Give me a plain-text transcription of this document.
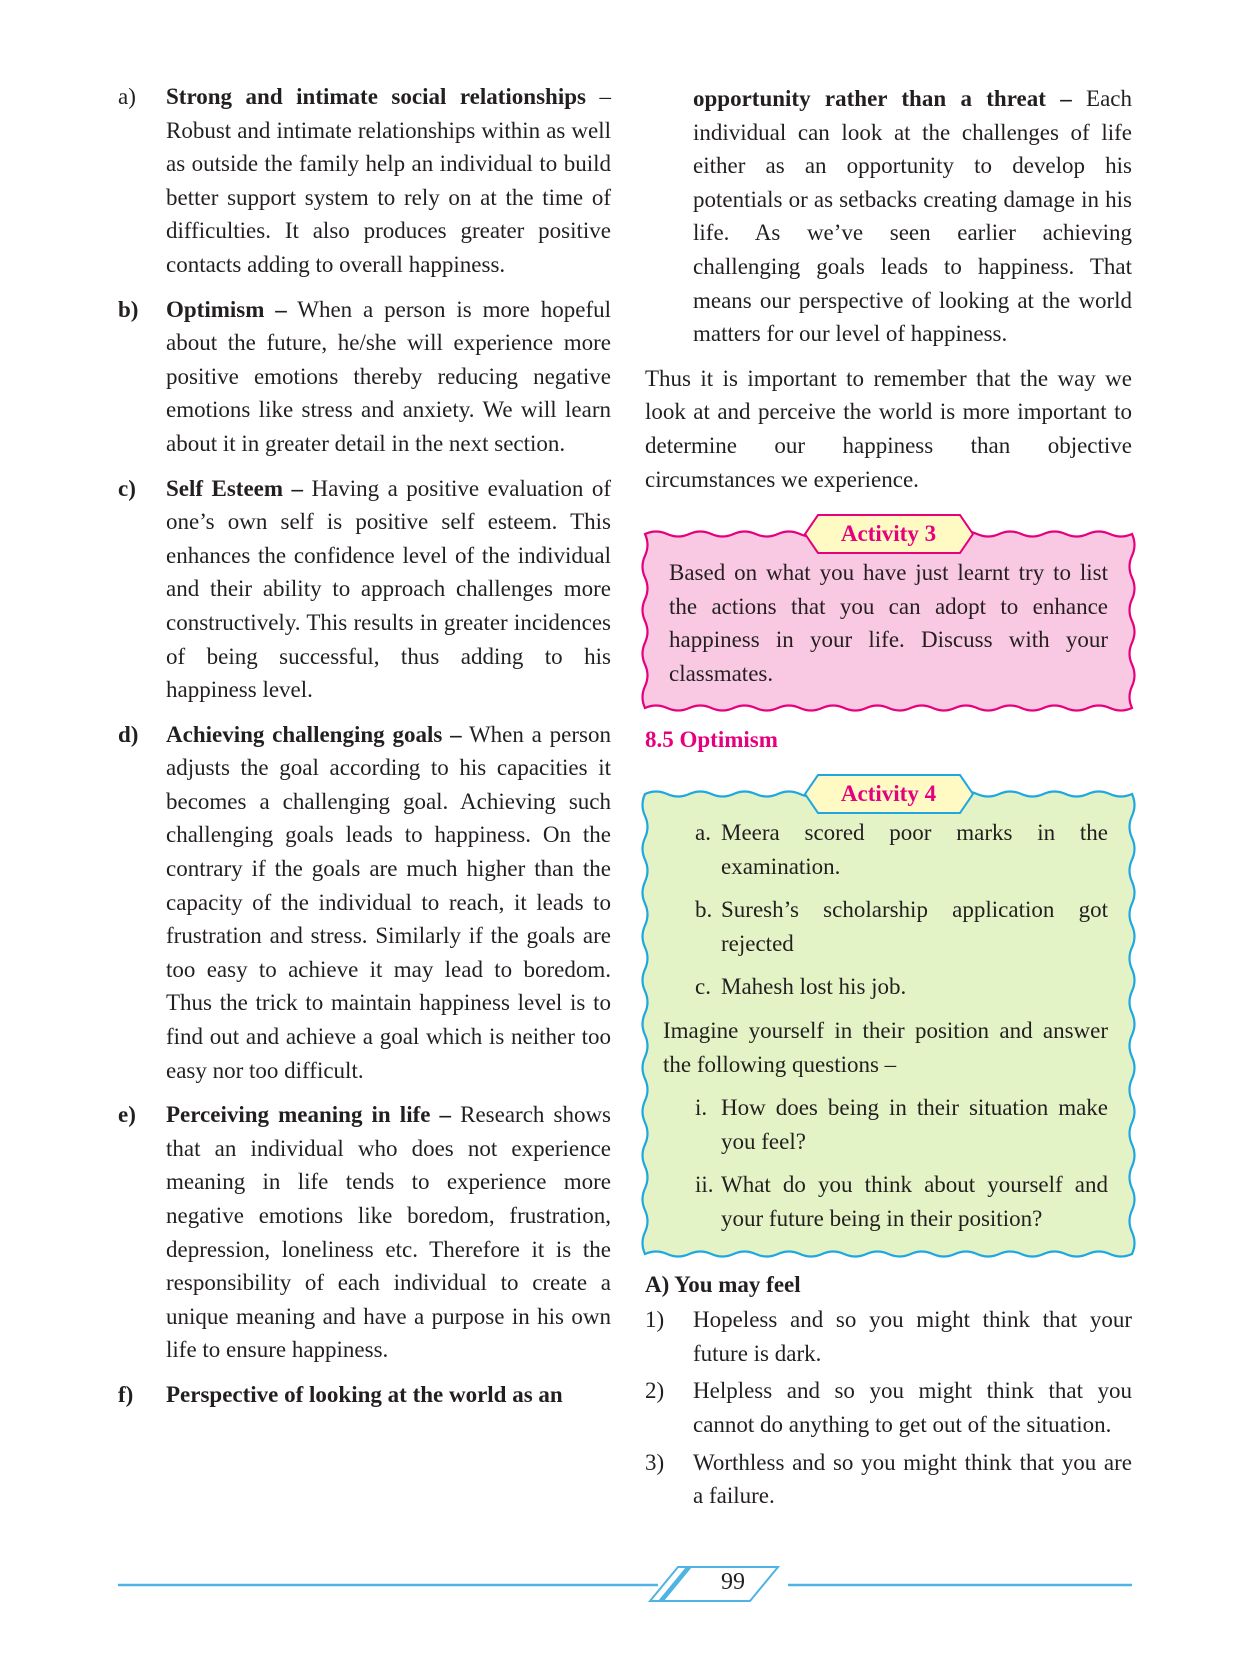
a) Strong and intimate social relationships – Robust and intimate relationships within as well as outside the family help an individual to build better support system to rely on at the time of difficulties. It also produces greater positive contacts adding to overall happiness.
b) Optimism – When a person is more hopeful about the future, he/she will experience more positive emotions thereby reducing negative emotions like stress and anxiety. We will learn about it in greater detail in the next section.
c) Self Esteem – Having a positive evaluation of one’s own self is positive self esteem. This enhances the confidence level of the individual and their ability to approach challenges more constructively. This results in greater incidences of being successful, thus adding to his happiness level.
d) Achieving challenging goals – When a person adjusts the goal according to his capacities it becomes a challenging goal. Achieving such challenging goals leads to happiness. On the contrary if the goals are much higher than the capacity of the individual to reach, it leads to frustration and stress. Similarly if the goals are too easy to achieve it may lead to boredom. Thus the trick to maintain happiness level is to find out and achieve a goal which is neither too easy nor too difficult.
e) Perceiving meaning in life – Research shows that an individual who does not experience meaning in life tends to experience more negative emotions like boredom, frustration, depression, loneliness etc. Therefore it is the responsibility of each individual to create a unique meaning and have a purpose in his own life to ensure happiness.
f) Perspective of looking at the world as an
opportunity rather than a threat – Each individual can look at the challenges of life either as an opportunity to develop his potentials or as setbacks creating damage in his life. As we’ve seen earlier achieving challenging goals leads to happiness. That means our perspective of looking at the world matters for our level of happiness.

Thus it is important to remember that the way we look at and perceive the world is more important to determine our happiness than objective circumstances we experience.

Activity 3
Based on what you have just learnt try to list the actions that you can adopt to enhance happiness in your life. Discuss with your classmates.
8.5 Optimism
Activity 4
a. Meera scored poor marks in the examination.
b. Suresh’s scholarship application got rejected
c. Mahesh lost his job.

Imagine yourself in their position and answer the following questions –

i. How does being in their situation make you feel?
ii. What do you think about yourself and your future being in their position?
A) You may feel
1) Hopeless and so you might think that your future is dark.
2) Helpless and so you might think that you cannot do anything to get out of the situation.
3) Worthless and so you might think that you are a failure.
99
